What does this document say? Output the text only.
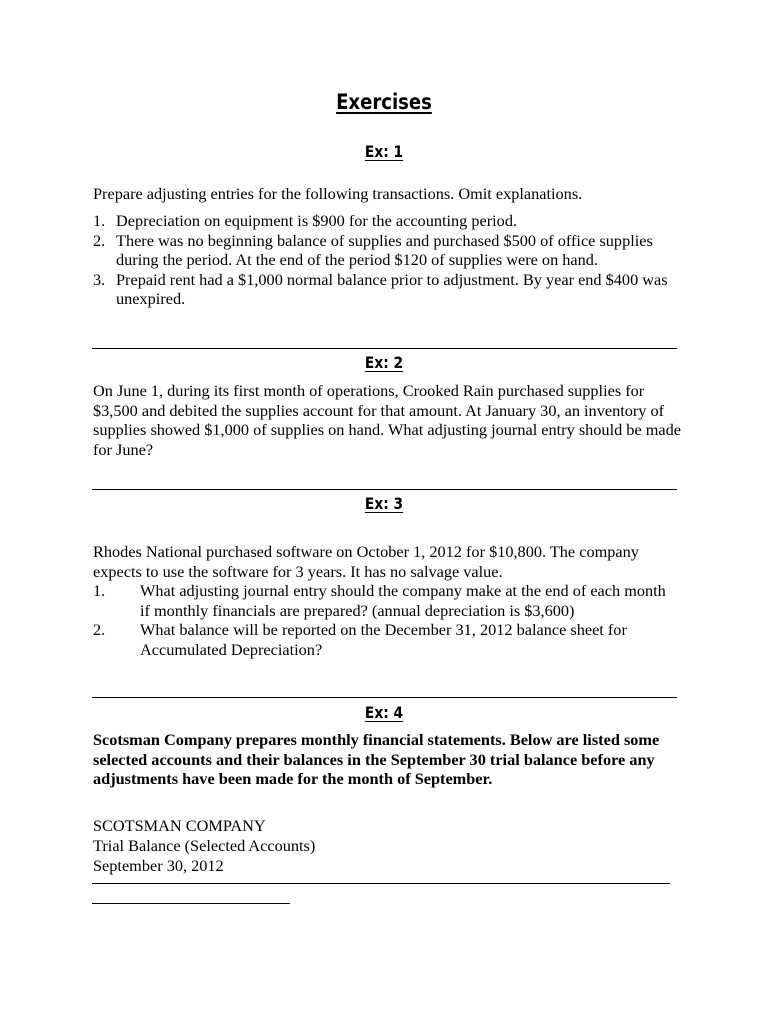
Exercises
Ex: 1

Prepare adjusting entries for the following transactions. Omit explanations.

1. Depreciation on equipment is $900 for the accounting period.
2. There was no beginning balance of supplies and purchased $500 of office supplies during the period. At the end of the period $120 of supplies were on hand.
3. Prepaid rent had a $1,000 normal balance prior to adjustment. By year end $400 was unexpired.
Ex: 2

On June 1, during its first month of operations, Crooked Rain purchased supplies for $3,500 and debited the supplies account for that amount. At January 30, an inventory of supplies showed $1,000 of supplies on hand. What adjusting journal entry should be made for June?

Ex: 3

Rhodes National purchased software on October 1, 2012 for $10,800. The company expects to use the software for 3 years. It has no salvage value.

1. What adjusting journal entry should the company make at the end of each month if monthly financials are prepared? (annual depreciation is $3,600)
2. What balance will be reported on the December 31, 2012 balance sheet for Accumulated Depreciation?
Ex: 4

Scotsman Company prepares monthly financial statements. Below are listed some selected accounts and their balances in the September 30 trial balance before any adjustments have been made for the month of September.

SCOTSMAN COMPANY

Trial Balance (Selected Accounts)

September 30, 2012
